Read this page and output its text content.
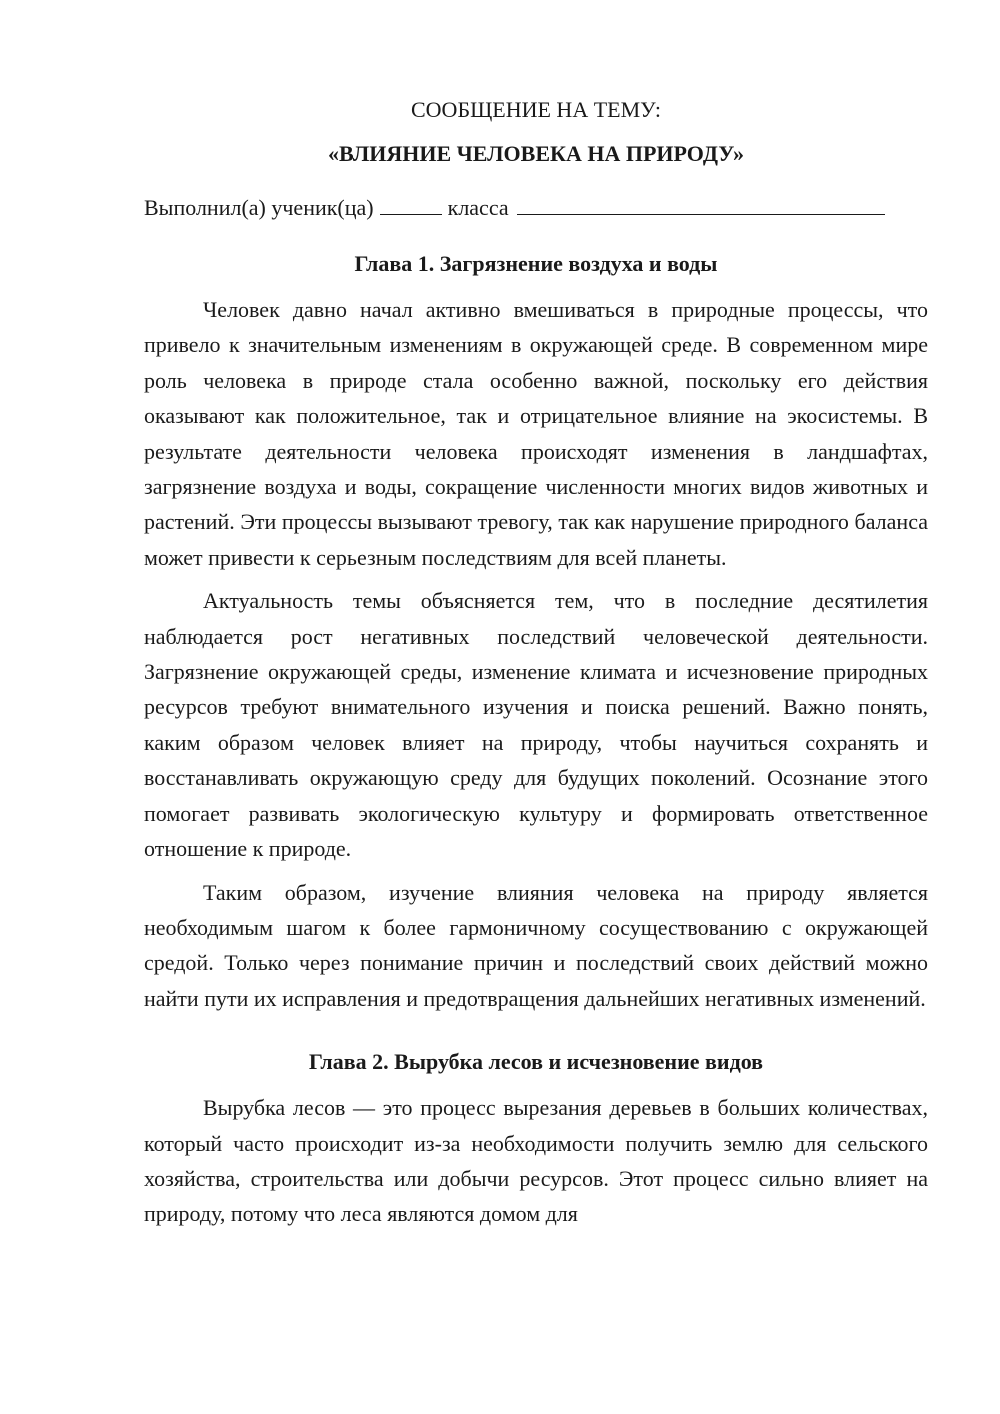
СООБЩЕНИЕ НА ТЕМУ:

«ВЛИЯНИЕ ЧЕЛОВЕКА НА ПРИРОДУ»

Выполнил(а) ученик(ца)	класса

Глава 1. Загрязнение воздуха и воды

Человек давно начал активно вмешиваться в природные процессы, что привело к значительным изменениям в окружающей среде. В современном мире роль человека в природе стала особенно важной, поскольку его действия оказывают как положительное, так и отрицательное влияние на экосистемы. В результате деятельности человека происходят изменения в ландшафтах, загрязнение воздуха и воды, сокращение численности многих видов животных и растений. Эти процессы вызывают тревогу, так как нарушение природного баланса может привести к серьезным последствиям для всей планеты.

Актуальность темы объясняется тем, что в последние десятилетия наблюдается рост негативных последствий человеческой деятельности. Загрязнение окружающей среды, изменение климата и исчезновение природных ресурсов требуют внимательного изучения и поиска решений. Важно понять, каким образом человек влияет на природу, чтобы научиться сохранять и восстанавливать окружающую среду для будущих поколений. Осознание этого помогает развивать экологическую культуру и формировать ответственное отношение к природе.

Таким образом, изучение влияния человека на природу является необходимым шагом к более гармоничному сосуществованию с окружающей средой. Только через понимание причин и последствий своих действий можно найти пути их исправления и предотвращения дальнейших негативных изменений.

Глава 2. Вырубка лесов и исчезновение видов

Вырубка лесов — это процесс вырезания деревьев в больших количествах, который часто происходит из-за необходимости получить землю для сельского хозяйства, строительства или добычи ресурсов. Этот процесс сильно влияет на природу, потому что леса являются домом для
